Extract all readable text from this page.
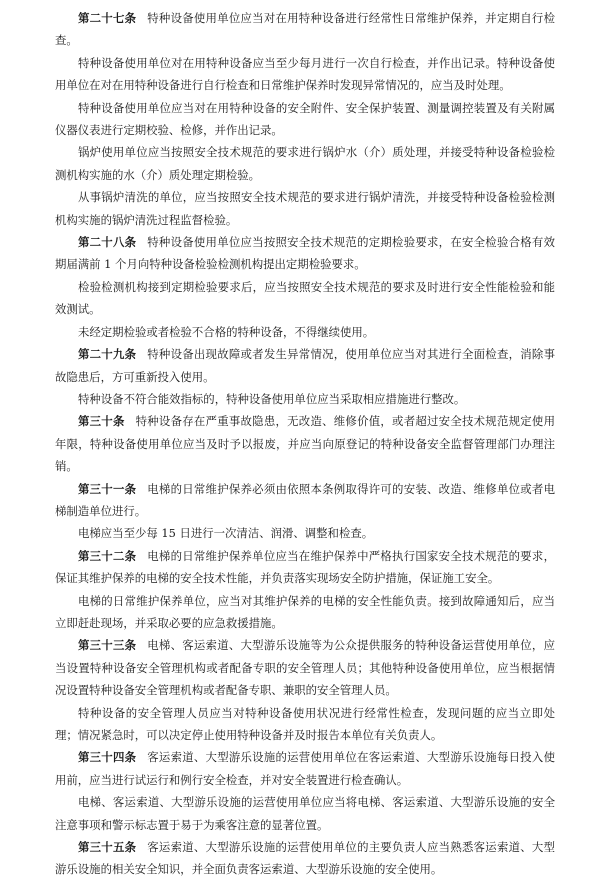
第二十七条 特种设备使用单位应当对在用特种设备进行经常性日常维护保养，并定期自行检查。

特种设备使用单位对在用特种设备应当至少每月进行一次自行检查，并作出记录。特种设备使用单位在对在用特种设备进行自行检查和日常维护保养时发现异常情况的，应当及时处理。

特种设备使用单位应当对在用特种设备的安全附件、安全保护装置、测量调控装置及有关附属仪器仪表进行定期校验、检修，并作出记录。

锅炉使用单位应当按照安全技术规范的要求进行锅炉水（介）质处理，并接受特种设备检验检测机构实施的水（介）质处理定期检验。

从事锅炉清洗的单位，应当按照安全技术规范的要求进行锅炉清洗，并接受特种设备检验检测机构实施的锅炉清洗过程监督检验。

第二十八条 特种设备使用单位应当按照安全技术规范的定期检验要求，在安全检验合格有效期届满前 1 个月向特种设备检验检测机构提出定期检验要求。

检验检测机构接到定期检验要求后，应当按照安全技术规范的要求及时进行安全性能检验和能效测试。

未经定期检验或者检验不合格的特种设备，不得继续使用。

第二十九条 特种设备出现故障或者发生异常情况，使用单位应当对其进行全面检查，消除事故隐患后，方可重新投入使用。

特种设备不符合能效指标的，特种设备使用单位应当采取相应措施进行整改。

第三十条 特种设备存在严重事故隐患，无改造、维修价值，或者超过安全技术规范规定使用年限，特种设备使用单位应当及时予以报废，并应当向原登记的特种设备安全监督管理部门办理注销。

第三十一条 电梯的日常维护保养必须由依照本条例取得许可的安装、改造、维修单位或者电梯制造单位进行。

电梯应当至少每 15 日进行一次清洁、润滑、调整和检查。

第三十二条 电梯的日常维护保养单位应当在维护保养中严格执行国家安全技术规范的要求，保证其维护保养的电梯的安全技术性能，并负责落实现场安全防护措施，保证施工安全。

电梯的日常维护保养单位，应当对其维护保养的电梯的安全性能负责。接到故障通知后，应当立即赶赴现场，并采取必要的应急救援措施。

第三十三条 电梯、客运索道、大型游乐设施等为公众提供服务的特种设备运营使用单位，应当设置特种设备安全管理机构或者配备专职的安全管理人员；其他特种设备使用单位，应当根据情况设置特种设备安全管理机构或者配备专职、兼职的安全管理人员。

特种设备的安全管理人员应当对特种设备使用状况进行经常性检查，发现问题的应当立即处理；情况紧急时，可以决定停止使用特种设备并及时报告本单位有关负责人。

第三十四条 客运索道、大型游乐设施的运营使用单位在客运索道、大型游乐设施每日投入使用前，应当进行试运行和例行安全检查，并对安全装置进行检查确认。

电梯、客运索道、大型游乐设施的运营使用单位应当将电梯、客运索道、大型游乐设施的安全注意事项和警示标志置于易于为乘客注意的显著位置。

第三十五条 客运索道、大型游乐设施的运营使用单位的主要负责人应当熟悉客运索道、大型游乐设施的相关安全知识，并全面负责客运索道、大型游乐设施的安全使用。
